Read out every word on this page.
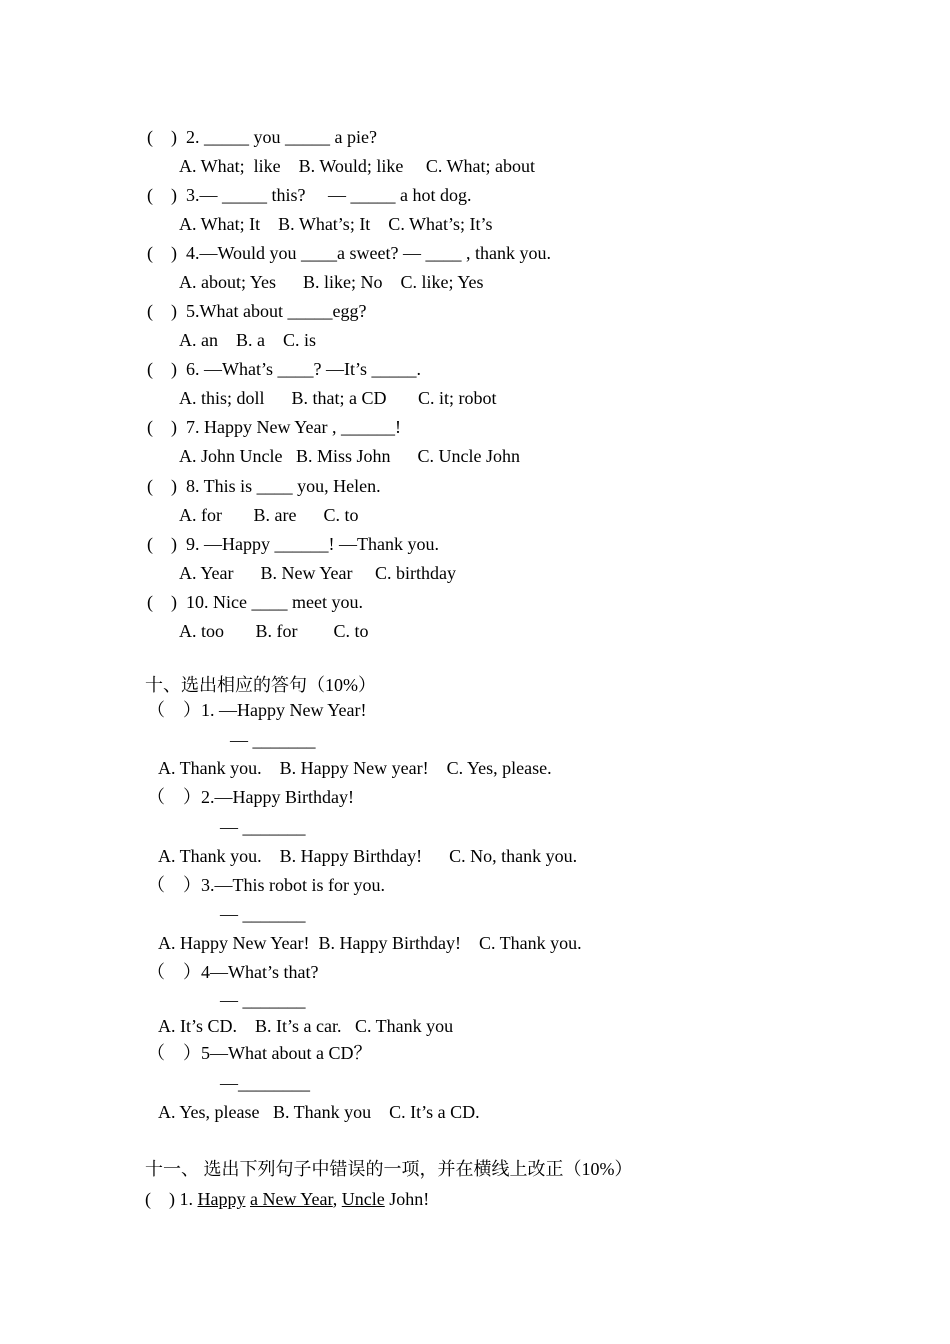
(    )  2. _____ you _____ a pie?
A. What;  like    B. Would; like     C. What; about
(    )  3.— _____ this?     — _____ a hot dog.
A. What; It    B. What’s; It    C. What’s; It’s
(    )  4.—Would you ____a sweet? — ____ , thank you.
A. about; Yes      B. like; No    C. like; Yes
(    )  5.What about _____egg?
A. an    B. a    C. is
(    )  6. —What’s ____? —It’s _____.
A. this; doll      B. that; a CD       C. it; robot
(    )  7. Happy New Year , ______!
A. John Uncle   B. Miss John      C. Uncle John
(    )  8. This is ____ you, Helen.
A. for       B. are      C. to
(    )  9. —Happy ______! —Thank you.
A. Year      B. New Year     C. birthday
(    )  10. Nice ____ meet you.
A. too       B. for        C. to
十、选出相应的答句（10%）
（    ）1. —Happy New Year!
— _______
A. Thank you.    B. Happy New year!    C. Yes, please.
（    ）2.—Happy Birthday!
— _______
A. Thank you.    B. Happy Birthday!      C. No, thank you.
（    ）3.—This robot is for you.
— _______
A. Happy New Year!  B. Happy Birthday!    C. Thank you.
（    ）4—What’s that?
— _______
A. It’s CD.    B. It’s a car.   C. Thank you
（    ）5—What about a CD？
—________
A. Yes, please   B. Thank you    C. It’s a CD.
十一、 选出下列句子中错误的一项，并在横线上改正（10%）
(    ) 1. Happy a New Year, Uncle John!
